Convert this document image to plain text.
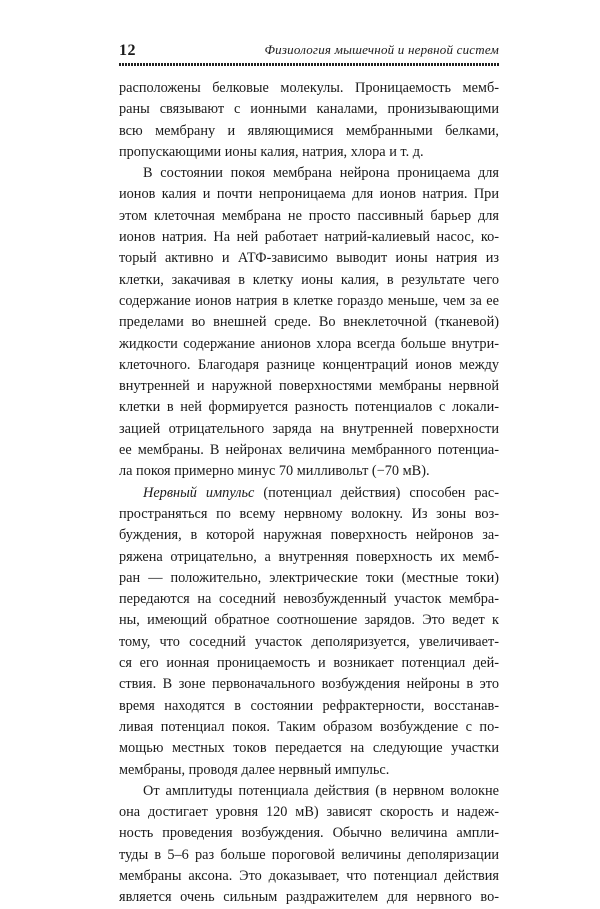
12	Физиология мышечной и нервной систем

расположены белковые молекулы. Проницаемость мемб-
раны связывают с ионными каналами, пронизывающими
всю мембрану и являющимися мембранными белками,
пропускающими ионы калия, натрия, хлора и т. д.

В состоянии покоя мембрана нейрона проницаема для
ионов калия и почти непроницаема для ионов натрия. При
этом клеточная мембрана не просто пассивный барьер для
ионов натрия. На ней работает натрий-калиевый насос, ко-
торый активно и АТФ-зависимо выводит ионы натрия из
клетки, закачивая в клетку ионы калия, в результате чего
содержание ионов натрия в клетке гораздо меньше, чем за ее
пределами во внешней среде. Во внеклеточной (тканевой)
жидкости содержание анионов хлора всегда больше внутри-
клеточного. Благодаря разнице концентраций ионов между
внутренней и наружной поверхностями мембраны нервной
клетки в ней формируется разность потенциалов с локали-
зацией отрицательного заряда на внутренней поверхности
ее мембраны. В нейронах величина мембранного потенциа-
ла покоя примерно минус 70 милливольт (−70 мВ).

Нервный импульс (потенциал действия) способен рас-
пространяться по всему нервному волокну. Из зоны воз-
буждения, в которой наружная поверхность нейронов за-
ряжена отрицательно, а внутренняя поверхность их мемб-
ран — положительно, электрические токи (местные токи)
передаются на соседний невозбужденный участок мембра-
ны, имеющий обратное соотношение зарядов. Это ведет к
тому, что соседний участок деполяризуется, увеличивает-
ся его ионная проницаемость и возникает потенциал дей-
ствия. В зоне первоначального возбуждения нейроны в это
время находятся в состоянии рефрактерности, восстанав-
ливая потенциал покоя. Таким образом возбуждение с по-
мощью местных токов передается на следующие участки
мембраны, проводя далее нервный импульс.

От амплитуды потенциала действия (в нервном волокне
она достигает уровня 120 мВ) зависят скорость и надеж-
ность проведения возбуждения. Обычно величина ампли-
туды в 5–6 раз больше пороговой величины деполяризации
мембраны аксона. Это доказывает, что потенциал действия
является очень сильным раздражителем для нервного во-
